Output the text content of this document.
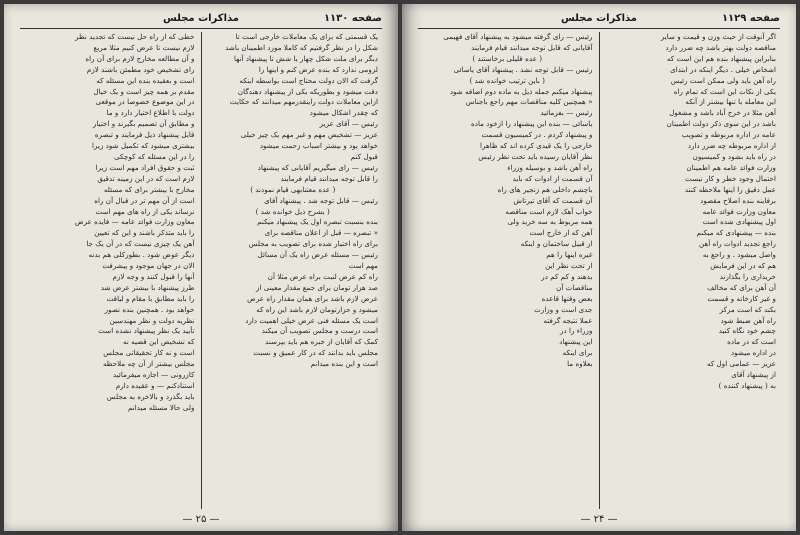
صفحه ۱۱۳۰
مذاکرات مجلس
یک قسمتی که برای یک معاملات خارجی است تا
شکل را در نظر گرفتیم که کاملا مورد اطمینان باشد
دیگر برای ملت شکل چهار یا شش تا پیشنهاد آنها
لزومی ندارد که بنده عرض کنم و اینها را
گرفت که الان دولت محتاج است بواسطه اینکه
دقت میشود و بطوریکه یکی از پیشنهاد دهندگان
ازاین معاملات دولت راینقدرمهم میدانند که حکایت
که چقدر اشکال میشود
رئیس — آقای عزیز
عزیز — تشخیص مهم و غیر مهم یک چیز خیلی
خواهد بود و بیشتر اسباب زحمت میشود
قبول کنم
رئیس — رای میگیریم آقایانی که پیشنهاد
را قابل توجه میدانند قیام فرمایند
( عده معتنابهی قیام نمودند )
رئیس — قابل توجه شد . پیشنهاد آقای
( بشرح ذیل خوانده شد )
بنده بنسبت تبصره اول یک پیشنهاد میکنم
« تبصره — قبل از اعلان مناقصه برای
برای راه اختیار شده برای تصویب به مجلس
رئیس — مسئله عرض راه یک آن مسائل
مهم است
راه کم عرض لنبت براه عرض مثلا آن
صد هزار تومان برای جمع مقدار معینی از
عرض لازم باشد برای همان مقدار راه عرض
میشود و حزارتومان لازم باشد این راه که
است یک مسئله فنی عرض خیلی اهمیت دارد
است درست و مجلس تصویب آن میکند
کمک که آقایان از خبره هم باید بپرسند
مجلس باید بدانند که در کار عمیق و نسبت
است و این بنده میدانم
خطی که از راه حل نیست که تجدید نظر
لازم نیست تا عرض کنیم مثلا مربع
و آن مطالعه مخارج لازم برای آن راه
رای تشخیص خود مطمئن باشند لازم
است و بعقیده بنده این مسئله که
مقدم بر همه چیز است و یک خیال
در این موضوع خصوصا در موقعی
دولت با اطلاع اختیار دارد و ما
و مطابق آن تصمیم بگیرند و اختیار
قابل پیشنهاد ذیل فرمایند و تبصره
بیشتری میشود که تکمیل شود زیرا
را در این مسئله که کوچکی
ثبت و حقوق افراد مهم است زیرا
لازم است که در این زمینه تدقیق
مخارج با بیشتر برای که مسئله
است از آن مهم تر در قبال آن راه
نرساند یکی از راه های مهم است
معاون وزارت فوائد عامه — فایده عرض
را باید متذکر باشند و این که تعیین
آهن یک چیزی نیست که در آن یک جا
دیگر عوض شود . بطورکلی هم بدنه
الان در جهان موجود و پیشرفت
آنها را قبول کنند و وجه لازم
طرز پیشنهاد با بیشتر عرض شد
را باید مطابق با مقام و لیاقت
خواهد بود . همچنین بنده تصور
نظریه دولت و نظر مهندسین
تأیید یک نظر پیشنهاد نشده است
که تشخیص این قضیه نه
است و نه کار تحقیقاتی مجلس
مجلس بیشتر از آن چه ملاحظه
کازرونی — اجازه میفرمائید
استنادکنم — و عقیده دارم
باید بگذرد و بالاخره به مجلس
ولی حالا مسئله میدانم
— ۲۵ —
صفحه ۱۱۲۹
مذاکرات مجلس
اگر آنوقت از حیث وزن و قیمت و سایر
مناقصه دولت بهتر باشد چه ضرر دارد
بنابراین پیشنهاد بنده هم این است که
اشخاص خیلی . دیگر اینکه در ابتدای
راه آهن باید ولی ممکن است رئیس
یکی از نکات این است که تمام راه
این معامله با تنها بیشتر از آنکه
آهن مثلا در خرج آباد باشد و مشغول
باشد در این سوی ذکر دولت اطمینان
عامه در اداره مربوطه و تصویب
از اداره مربوطه چه ضرر دارد
در راه باید بشود و کمیسیون
وزارت فوائد عامه هم اطمینان
احتمال وجود خطر و کار نیست
عمل دقیق را اینها ملاحظه کنند
برفاینه بنده اصلاح مقصود
معاون وزارت فوائد عامه
اول پیشنهادی شده است
بنده — پیشنهادی که میکنم
راجع تجدید ادوات راه آهن
واصل میشود . و راجع به
هم که در این فرمایش
خریداری را بگذارند
آن آهن برای که مخالف
و غیر کارخانه و قسمت
بکند که است مرکز
راه آهن ضبط شود
چشم خود نگاه کنید
است که در ماده
در اداره میشود
عزیز — عمامی اول که
از پیشنهاد آقای
به ( پیشنهاد کننده )
رئیس — رای گرفته میشود به پیشنهاد آقای فهیمی
آقایانی که قابل توجه میدانند قیام فرمایند
( عده قلیلی برخاستند )
رئیس — قابل توجه نشد . پیشنهاد آقای یاسائی
( باین ترتیب خوانده شد )
پیشنهاد میکنم جمله ذیل به ماده دوم اضافه شود
« همچنین کلیه مناقصات مهم راجع باجناس
رئیس — بفرمائید
یاسائی — بنده این پیشنهاد را ازخود ماده
و پیشنهاد کردم . در کمیسیون قسمت
خارجی را یک قیدی کرده اند که ظاهرا
نظر آقایان رسیده باید تحت نظر رئیس
راه آهن باشد و بوسیله وزراء
آن قسمت از ادوات که باید
باچشم داخلی هم زنجیر های راه
آن قسمت که آقای تیرتاش
خواب آهک لازم است مناقصه
همه مربوط به سه خرید ولی
آهن که از خارج است
از قبیل ساختمان و اینکه
غیره اینها را هم
از تحت نظر این
بدهند و کم کم در
مناقصات آن
بعض وقتها قاعده
جدی است و وزارت
عملا نتیجه گرفته
وزراء را در
این پیشنهاد
برای اینکه
بعلاوه ما
— ۲۴ —
